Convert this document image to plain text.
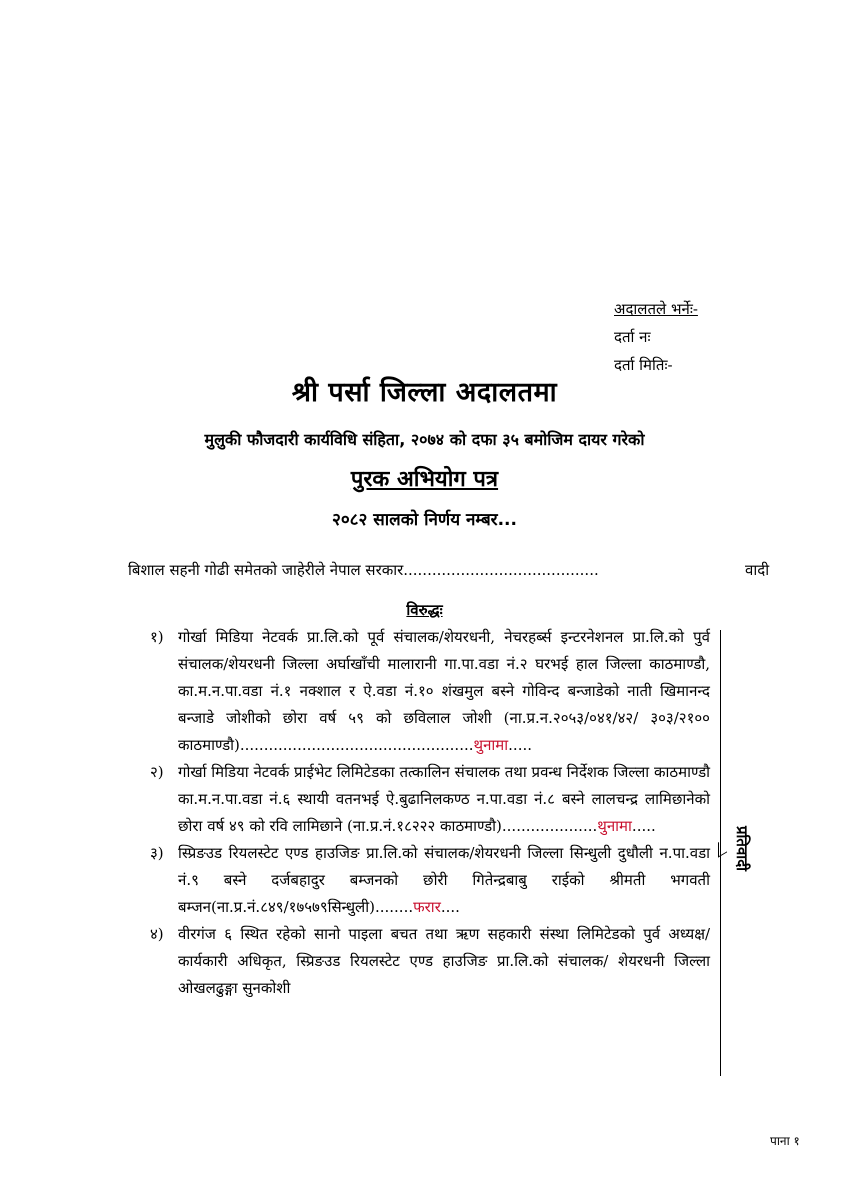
अदालतले भर्नेः-
दर्ता नः
दर्ता मितिः-
श्री पर्सा जिल्ला अदालतमा
मुलुकी फौजदारी कार्यविधि संहिता, २०७४ को दफा ३५ बमोजिम दायर गरेको
पुरक अभियोग पत्र
२०८२ सालको निर्णय नम्बर...
बिशाल सहनी गोढी समेतको जाहेरीले नेपाल सरकार.........................................	वादी
विरुद्धः
१) गोर्खा मिडिया नेटवर्क प्रा.लि.को पूर्व संचालक/शेयरधनी, नेचरहर्ब्स इन्टरनेशनल प्रा.लि.को पुर्व संचालक/शेयरधनी जिल्ला अर्घाखाँची मालारानी गा.पा.वडा नं.२ घरभई हाल जिल्ला काठमाण्डौ, का.म.न.पा.वडा नं.१ नक्शाल र ऐ.वडा नं.१० शंखमुल बस्ने गोविन्द बन्जाडेको नाती खिमानन्द बन्जाडे जोशीको छोरा वर्ष ५९ को छविलाल जोशी (ना.प्र.न.२०५३/०४१/४२/ ३०३/२१०० काठमाण्डौ).................................................थुनामा.....
२) गोर्खा मिडिया नेटवर्क प्राईभेट लिमिटेडका तत्कालिन संचालक तथा प्रवन्ध निर्देशक जिल्ला काठमाण्डौ का.म.न.पा.वडा नं.६ स्थायी वतनभई ऐ.बुढानिलकण्ठ न.पा.वडा नं.८ बस्ने लालचन्द्र लामिछानेको छोरा वर्ष ४९ को रवि लामिछाने (ना.प्र.नं.१८२२२ काठमाण्डौ)....................थुनामा.....
३) स्प्रिङउड रियलस्टेट एण्ड हाउजिङ प्रा.लि.को संचालक/शेयरधनी जिल्ला सिन्धुली दुधौली न.पा.वडा नं.९ बस्ने दर्जबहादुर बम्जनको छोरी गितेन्द्रबाबु राईको श्रीमती भगवती बम्जन(ना.प्र.नं.८४९/१७५७९सिन्धुली)........फरार....
४) वीरगंज ६ स्थित रहेको सानो पाइला बचत तथा ऋण सहकारी संस्था लिमिटेडको पुर्व अध्यक्ष/कार्यकारी अधिकृत, स्प्रिङउड रियलस्टेट एण्ड हाउजिङ प्रा.लि.को संचालक/ शेयरधनी जिल्ला ओखलढुङ्गा सुनकोशी
प्रतिवादी
पाना १
